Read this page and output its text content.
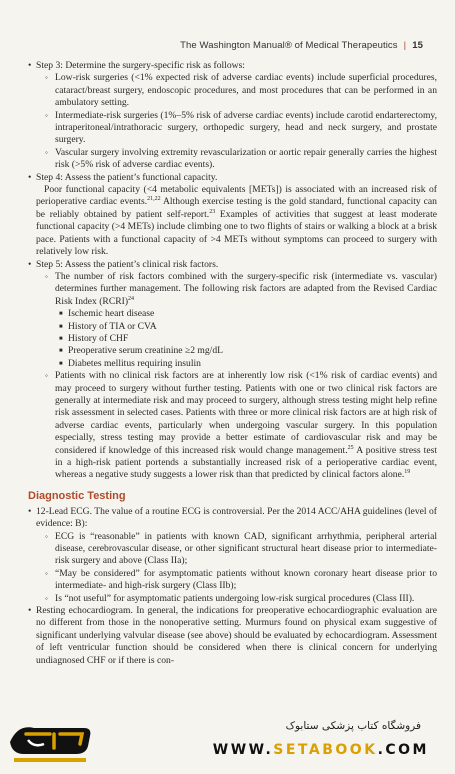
The Washington Manual® of Medical Therapeutics | 15
• Step 3: Determine the surgery-specific risk as follows:
◦ Low-risk surgeries (<1% expected risk of adverse cardiac events) include superficial procedures, cataract/breast surgery, endoscopic procedures, and most procedures that can be performed in an ambulatory setting.
◦ Intermediate-risk surgeries (1%–5% risk of adverse cardiac events) include carotid endarterectomy, intraperitoneal/intrathoracic surgery, orthopedic surgery, head and neck surgery, and prostate surgery.
◦ Vascular surgery involving extremity revascularization or aortic repair generally carries the highest risk (>5% risk of adverse cardiac events).
• Step 4: Assess the patient’s functional capacity.

Poor functional capacity (<4 metabolic equivalents [METs]) is associated with an increased risk of perioperative cardiac events.$^{21,22}$ Although exercise testing is the gold standard, functional capacity can be reliably obtained by patient self-report.$^{23}$ Examples of activities that suggest at least moderate functional capacity (>4 METs) include climbing one to two flights of stairs or walking a block at a brisk pace. Patients with a functional capacity of >4 METs without symptoms can proceed to surgery with relatively low risk.

• Step 5: Assess the patient’s clinical risk factors.
◦ The number of risk factors combined with the surgery-specific risk (intermediate vs. vascular) determines further management. The following risk factors are adapted from the Revised Cardiac Risk Index (RCRI)$^{24}$
■ Ischemic heart disease
■ History of TIA or CVA
■ History of CHF
■ Preoperative serum creatinine ≥2 mg/dL
■ Diabetes mellitus requiring insulin
◦ Patients with no clinical risk factors are at inherently low risk (<1% risk of cardiac events) and may proceed to surgery without further testing. Patients with one or two clinical risk factors are generally at intermediate risk and may proceed to surgery, although stress testing might help refine risk assessment in selected cases. Patients with three or more clinical risk factors are at high risk of adverse cardiac events, particularly when undergoing vascular surgery. In this population especially, stress testing may provide a better estimate of cardiovascular risk and may be considered if knowledge of this increased risk would change management.$^{25}$ A positive stress test in a high-risk patient portends a substantially increased risk of a perioperative cardiac event, whereas a negative study suggests a lower risk than that predicted by clinical factors alone.$^{19}$
Diagnostic Testing
• 12-Lead ECG. The value of a routine ECG is controversial. Per the 2014 ACC/AHA guidelines (level of evidence: B):
◦ ECG is “reasonable” in patients with known CAD, significant arrhythmia, peripheral arterial disease, cerebrovascular disease, or other significant structural heart disease prior to intermediate-risk surgery and above (Class IIa);
◦ “May be considered” for asymptomatic patients without known coronary heart disease prior to intermediate- and high-risk surgery (Class IIb);
◦ Is “not useful” for asymptomatic patients undergoing low-risk surgical procedures (Class III).
• Resting echocardiogram. In general, the indications for preoperative echocardiographic evaluation are no different from those in the nonoperative setting. Murmurs found on physical exam suggestive of significant underlying valvular disease (see above) should be evaluated by echocardiogram. Assessment of left ventricular function should be considered when there is clinical concern for underlying undiagnosed CHF or if there is con-
فروشگاه کتاب پزشکی ستابوک
WWW.SETABOOK.COM
